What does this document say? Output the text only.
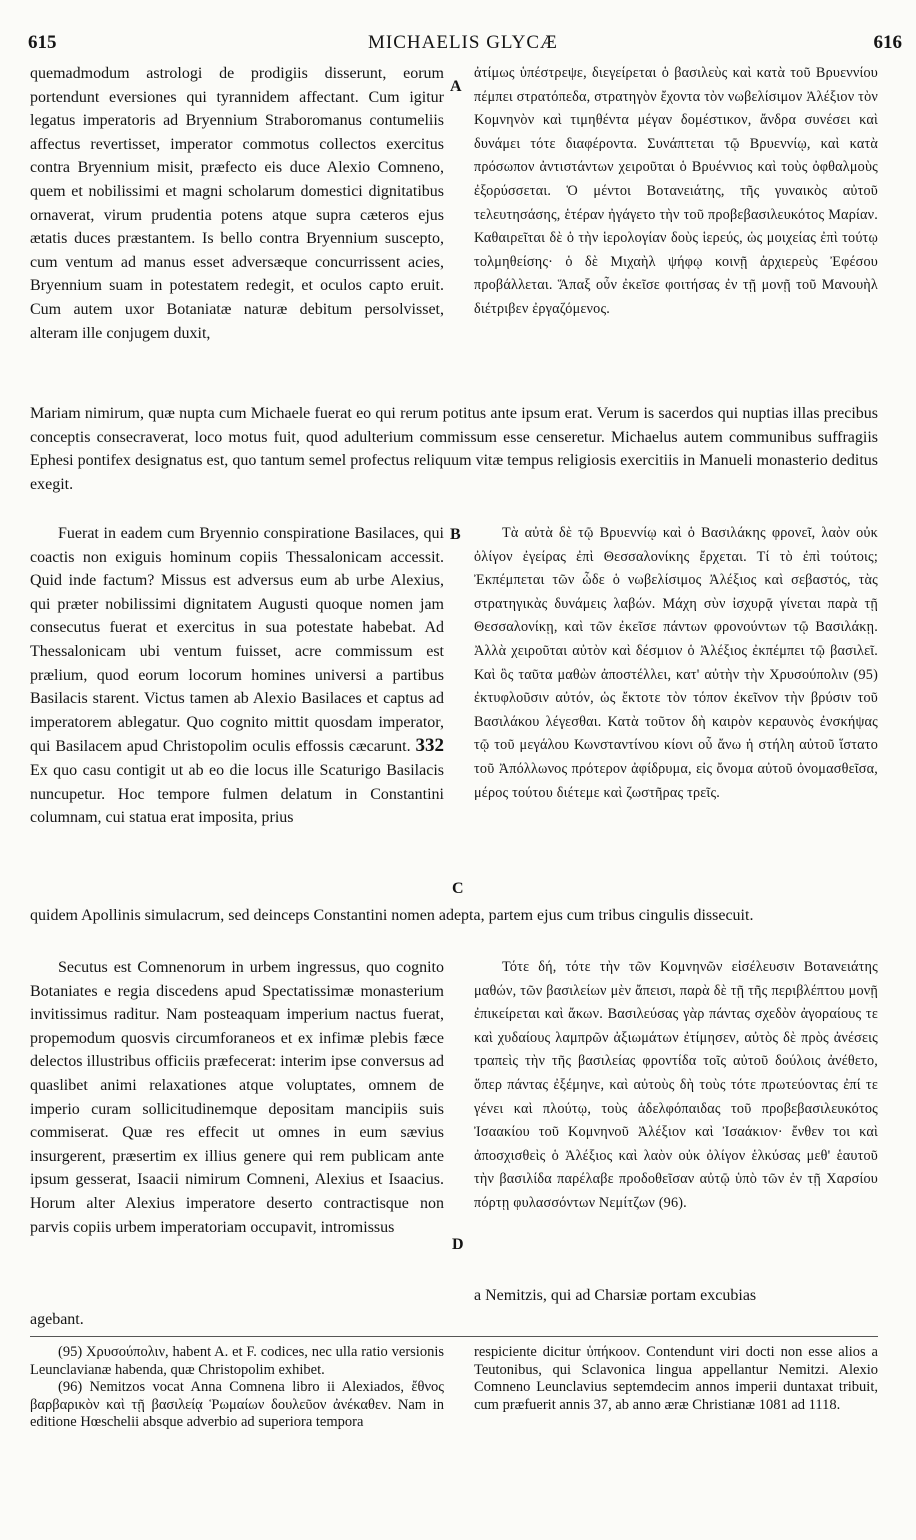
615	MICHAELIS GLYCÆ	616

quemadmodum astrologi de prodigiis disserunt, eorum portendunt eversiones qui tyrannidem affectant. Cum igitur legatus imperatoris ad Bryennium Straboromanus contumeliis affectus revertisset, imperator commotus collectos exercitus contra Bryennium misit, præfecto eis duce Alexio Comneno, quem et nobilissimi et magni scholarum domestici dignitatibus ornaverat, virum prudentia potens atque supra cæteros ejus ætatis duces præstantem. Is bello contra Bryennium suscepto, cum ventum ad manus esset adversæque concurrissent acies, Bryennium suam in potestatem redegit, et oculos capto eruit. Cum autem uxor Botaniatæ naturæ debitum persolvisset, alteram ille conjugem duxit,

A

ἀτίμως ὑπέστρεψε, διεγείρεται ὁ βασιλεὺς καὶ κατὰ τοῦ Βρυεννίου πέμπει στρατόπεδα, στρατηγὸν ἔχοντα τὸν νωβελίσιμον Ἀλέξιον τὸν Κομνηνὸν καὶ τιμηθέντα μέγαν δομέστικον, ἄνδρα συνέσει καὶ δυνάμει τότε διαφέροντα. Συνάπτεται τῷ Βρυεννίῳ, καὶ κατὰ πρόσωπον ἀντιστάντων χειροῦται ὁ Βρυέννιος καὶ τοὺς ὀφθαλμοὺς ἐξορύσσεται. Ὁ μέντοι Βοτανειάτης, τῆς γυναικὸς αὐτοῦ τελευτησάσης, ἑτέραν ἠγάγετο τὴν τοῦ προβεβασιλευκότος Μαρίαν. Καθαιρεῖται δὲ ὁ τὴν ἱερολογίαν δοὺς ἱερεύς, ὡς μοιχείας ἐπὶ τούτῳ τολμηθείσης· ὁ δὲ Μιχαὴλ ψήφῳ κοινῇ ἀρχιερεὺς Ἐφέσου προβάλλεται. Ἅπαξ οὖν ἐκεῖσε φοιτήσας ἐν τῇ μονῇ τοῦ Μανουὴλ διέτριβεν ἐργαζόμενος.

Mariam nimirum, quæ nupta cum Michaele fuerat eo qui rerum potitus ante ipsum erat. Verum is sacerdos qui nuptias illas precibus conceptis consecraverat, loco motus fuit, quod adulterium commissum esse censeretur. Michaelus autem communibus suffragiis Ephesi pontifex designatus est, quo tantum semel profectus reliquum vitæ tempus religiosis exercitiis in Manueli monasterio deditus exegit.

Fuerat in eadem cum Bryennio conspiratione Basilaces, qui coactis non exiguis hominum copiis Thessalonicam accessit. Quid inde factum? Missus est adversus eum ab urbe Alexius, qui præter nobilissimi dignitatem Augusti quoque nomen jam consecutus fuerat et exercitus in sua potestate habebat. Ad Thessalonicam ubi ventum fuisset, acre commissum est prælium, quod eorum locorum homines universi a partibus Basilacis starent. Victus tamen ab Alexio Basilaces et captus ad imperatorem ablegatur. Quo cognito mittit quosdam imperator, qui Basilacem apud Christopolim oculis effossis cæcarunt. 332 Ex quo casu contigit ut ab eo die locus ille Scaturigo Basilacis nuncupetur. Hoc tempore fulmen delatum in Constantini columnam, cui statua erat imposita, prius

B	Τὰ αὐτὰ δὲ τῷ Βρυεννίῳ καὶ ὁ Βασιλάκης φρονεῖ, λαὸν οὐκ ὀλίγον ἐγείρας ἐπὶ Θεσσαλονίκης ἔρχεται. Τί τὸ ἐπὶ τούτοις; Ἐκπέμπεται τῶν ὧδε ὁ νωβελίσιμος Ἀλέξιος καὶ σεβαστός, τὰς στρατηγικὰς δυνάμεις λαβών. Μάχη σὺν ἰσχυρᾷ γίνεται παρὰ τῇ Θεσσαλονίκῃ, καὶ τῶν ἐκεῖσε πάντων φρονούντων τῷ Βασιλάκῃ. Ἀλλὰ χειροῦται αὐτὸν καὶ δέσμιον ὁ Ἀλέξιος ἐκπέμπει τῷ βασιλεῖ. Καὶ ὃς ταῦτα μαθὼν ἀποστέλλει, κατ' αὐτὴν τὴν Χρυσούπολιν (95) ἐκτυφλοῦσιν αὐτόν, ὡς ἔκτοτε τὸν τόπον ἐκεῖνον τὴν βρύσιν τοῦ Βασιλάκου λέγεσθαι. Κατὰ τοῦτον δὴ καιρὸν κεραυνὸς ἐνσκήψας τῷ τοῦ μεγάλου Κωνσταντίνου κίονι οὗ ἄνω ἡ στήλη αὐτοῦ ἵστατο τοῦ Ἀπόλλωνος πρότερον ἀφίδρυμα, εἰς ὄνομα αὐτοῦ ὀνομασθεῖσα, μέρος τούτου διέτεμε καὶ ζωστῆρας τρεῖς.

C

quidem Apollinis simulacrum, sed deinceps Constantini nomen adepta, partem ejus cum tribus cingulis dissecuit.

Secutus est Comnenorum in urbem ingressus, quo cognito Botaniates e regia discedens apud Spectatissimæ monasterium invitissimus raditur. Nam posteaquam imperium nactus fuerat, propemodum quosvis circumforaneos et ex infimæ plebis fæce delectos illustribus officiis præfecerat: interim ipse conversus ad quaslibet animi relaxationes atque voluptates, omnem de imperio curam sollicitudinemque depositam mancipiis suis commiserat. Quæ res effecit ut omnes in eum sævius insurgerent, præsertim ex illius genere qui rem publicam ante ipsum gesserat, Isaacii nimirum Comneni, Alexius et Isaacius. Horum alter Alexius imperatore deserto contractisque non parvis copiis urbem imperatoriam occupavit, intromissus

D

Τότε δή, τότε τὴν τῶν Κομνηνῶν εἰσέλευσιν Βοτανειάτης μαθών, τῶν βασιλείων μὲν ἄπεισι, παρὰ δὲ τῇ τῆς περιβλέπτου μονῇ ἐπικείρεται καὶ ἄκων. Βασιλεύσας γὰρ πάντας σχεδὸν ἀγοραίους τε καὶ χυδαίους λαμπρῶν ἀξιωμάτων ἐτίμησεν, αὐτὸς δὲ πρὸς ἀνέσεις τραπεὶς τὴν τῆς βασιλείας φροντίδα τοῖς αὐτοῦ δούλοις ἀνέθετο, ὅπερ πάντας ἐξέμηνε, καὶ αὐτοὺς δὴ τοὺς τότε πρωτεύοντας ἐπί τε γένει καὶ πλούτῳ, τοὺς ἀδελφόπαιδας τοῦ προβεβασιλευκότος Ἰσαακίου τοῦ Κομνηνοῦ Ἀλέξιον καὶ Ἰσαάκιον· ἔνθεν τοι καὶ ἀποσχισθεὶς ὁ Ἀλέξιος καὶ λαὸν οὐκ ὀλίγον ἑλκύσας μεθ' ἑαυτοῦ τὴν βασιλίδα παρέλαβε προδοθεῖσαν αὐτῷ ὑπὸ τῶν ἐν τῇ Χαρσίου πόρτῃ φυλασσόντων Νεμίτζων (96).

a Nemitzis, qui ad Charsiæ portam excubias

agebant.

(95) Χρυσούπολιν, habent A. et F. codices, nec ulla ratio versionis Leunclavianæ habenda, quæ Christopolim exhibet.

(96) Nemitzos vocat Anna Comnena libro ii Alexiados, ἔθνος βαρβαρικὸν καὶ τῇ βασιλείᾳ Ῥωμαίων δουλεῦον ἀνέκαθεν. Nam in editione Hœschelii absque adverbio ad superiora tempora

respiciente dicitur ὑπήκοον. Contendunt viri docti non esse alios a Teutonibus, qui Sclavonica lingua appellantur Nemitzi. Alexio Comneno Leunclavius septemdecim annos imperii duntaxat tribuit, cum præfuerit annis 37, ab anno æræ Christianæ 1081 ad 1118.
